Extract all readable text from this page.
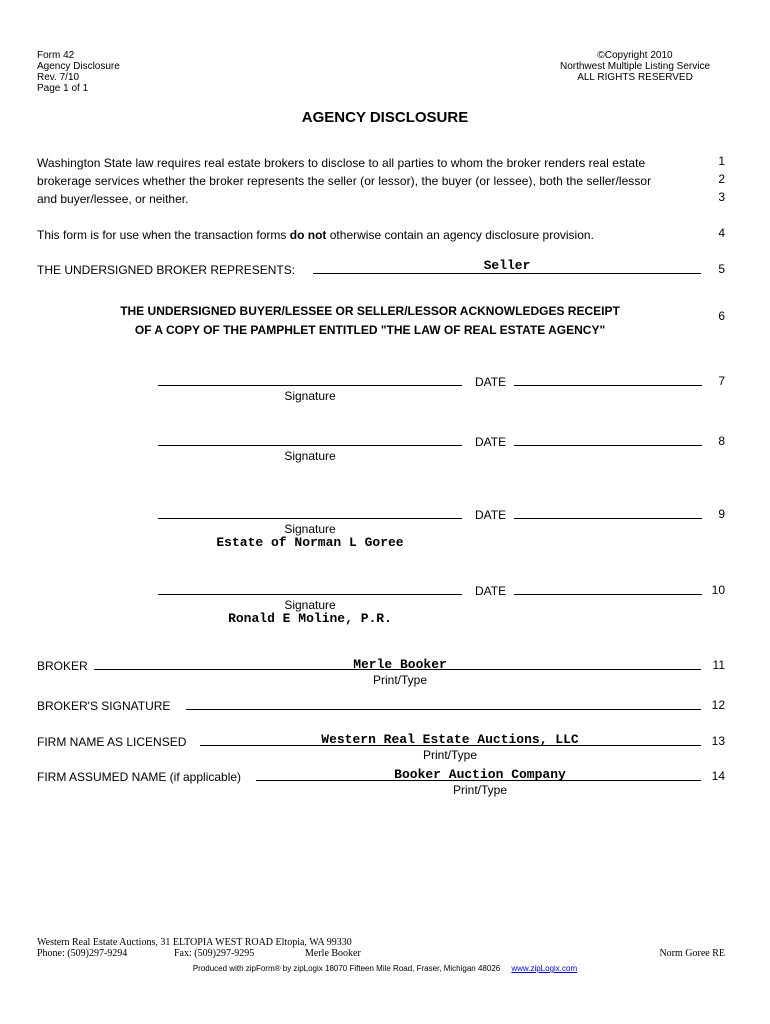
Form 42
Agency Disclosure
Rev. 7/10
Page 1 of 1
©Copyright 2010
Northwest Multiple Listing Service
ALL RIGHTS RESERVED
AGENCY DISCLOSURE
Washington State law requires real estate brokers to disclose to all parties to whom the broker renders real estate
brokerage services whether the broker represents the seller (or lessor), the buyer (or lessee), both the seller/lessor
and buyer/lessee, or neither.
1
2
3
This form is for use when the transaction forms do not otherwise contain an agency disclosure provision.	4
THE UNDERSIGNED BROKER REPRESENTS:	Seller	5
THE UNDERSIGNED BUYER/LESSEE OR SELLER/LESSOR ACKNOWLEDGES RECEIPT
OF A COPY OF THE PAMPHLET ENTITLED "THE LAW OF REAL ESTATE AGENCY"
6
DATE
Signature
7
DATE
Signature
8
DATE
Signature
Estate of Norman L Goree
9
DATE
Signature
Ronald E Moline, P.R.
10
BROKER	Merle Booker
Print/Type
11
BROKER'S SIGNATURE	12
FIRM NAME AS LICENSED	Western Real Estate Auctions, LLC
Print/Type
13
FIRM ASSUMED NAME (if applicable)	Booker Auction Company
Print/Type
14
Western Real Estate Auctions, 31 ELTOPIA WEST ROAD Eltopia, WA 99330
Phone: (509)297-9294	Fax: (509)297-9295	Merle Booker	Norm Goree RE
Produced with zipForm® by zipLogix 18070 Fifteen Mile Road, Fraser, Michigan 48026 www.zipLogix.com
